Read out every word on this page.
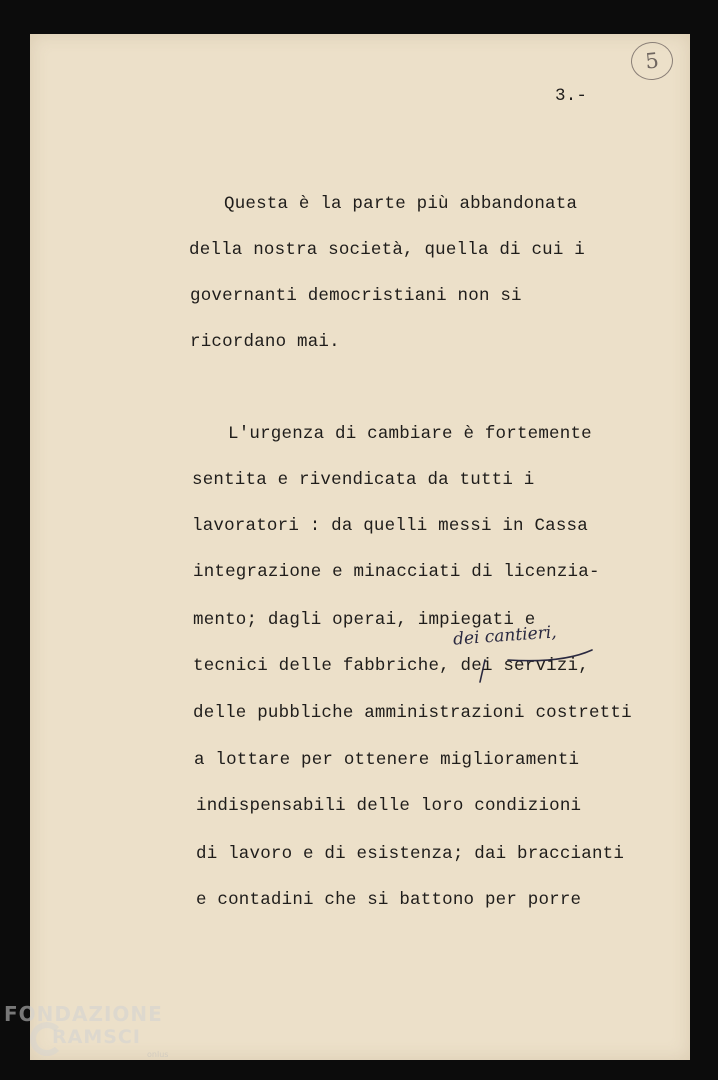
5
3.-
Questa è la parte più abbandonata
della nostra società, quella di cui i
governanti democristiani non si
ricordano mai.
L'urgenza di cambiare è fortemente
sentita e rivendicata da tutti i
lavoratori : da quelli messi in Cassa
integrazione e minacciati di licenzia-
mento; dagli operai, impiegati e
tecnici delle fabbriche, dei servizi,
delle pubbliche amministrazioni costretti
a lottare per ottenere miglioramenti
indispensabili delle loro condizioni
di lavoro e di esistenza; dai braccianti
e contadini che si battono per porre
dei cantieri,
FONDAZIONE
RAMSCI
onlus
